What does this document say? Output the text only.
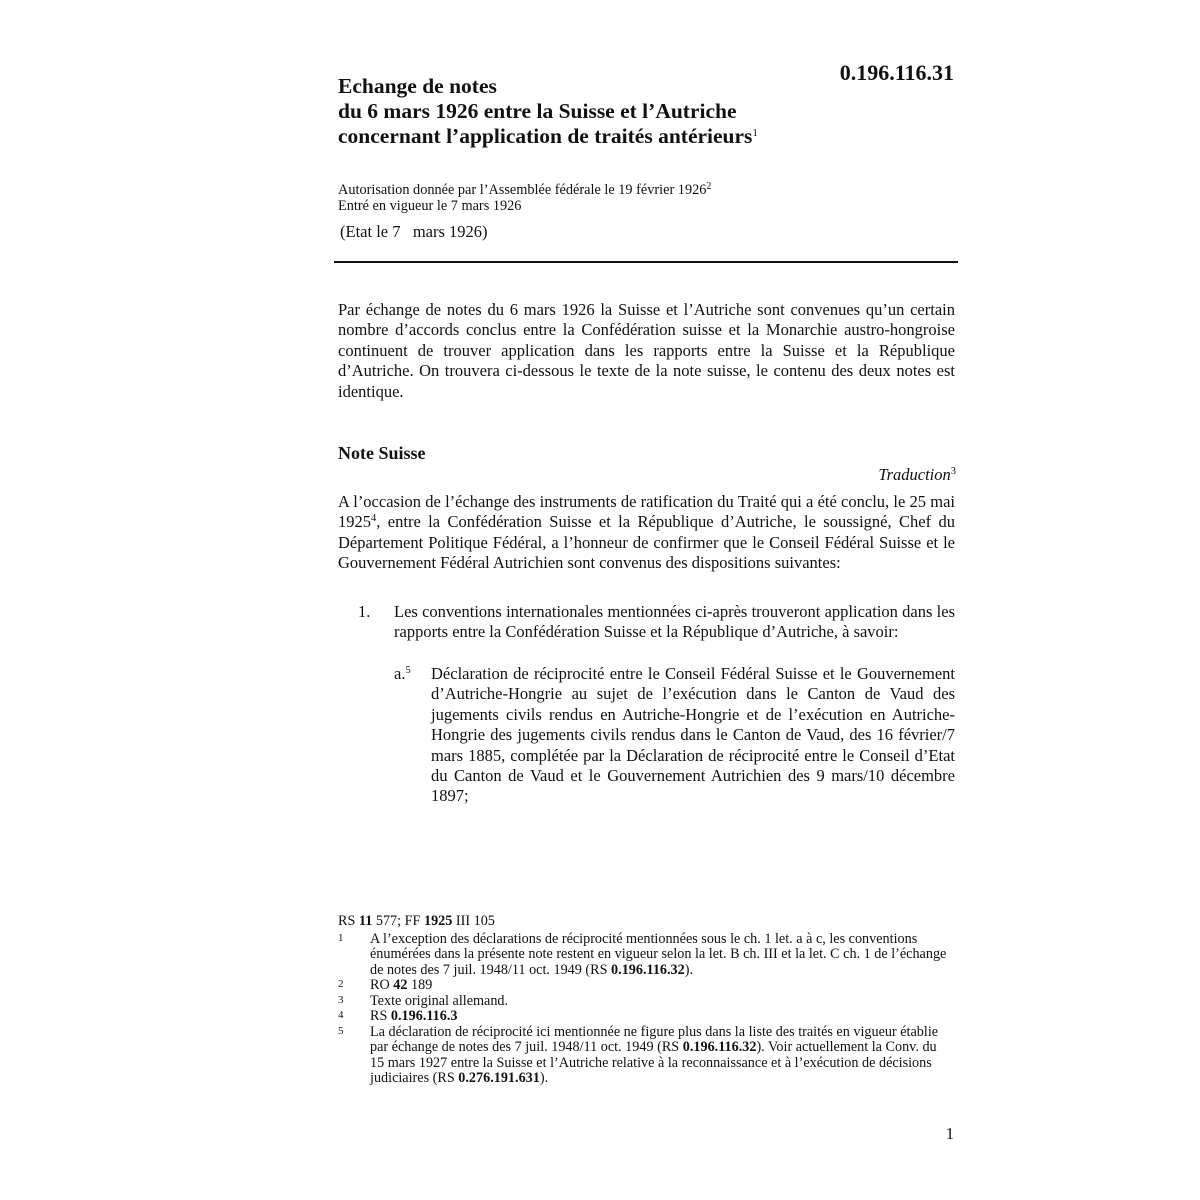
0.196.116.31
Echange de notes
du 6 mars 1926 entre la Suisse et l’Autriche
concernant l’application de traités antérieurs$^1$
Autorisation donnée par l’Assemblée fédérale le 19 février 1926$^2$
Entré en vigueur le 7 mars 1926
(Etat le 7   mars 1926)
Par échange de notes du 6 mars 1926 la Suisse et l’Autriche sont convenues qu’un certain nombre d’accords conclus entre la Confédération suisse et la Monarchie austro-hongroise continuent de trouver application dans les rapports entre la Suisse et la République d’Autriche. On trouvera ci-dessous le texte de la note suisse, le contenu des deux notes est identique.
Note Suisse
Traduction$^3$
A l’occasion de l’échange des instruments de ratification du Traité qui a été conclu, le 25 mai 1925$^4$, entre la Confédération Suisse et la République d’Autriche, le soussigné, Chef du Département Politique Fédéral, a l’honneur de confirmer que le Conseil Fédéral Suisse et le Gouvernement Fédéral Autrichien sont convenus des dispositions suivantes:
1. Les conventions internationales mentionnées ci-après trouveront application dans les rapports entre la Confédération Suisse et la République d’Autriche, à savoir:
a.$^5$ Déclaration de réciprocité entre le Conseil Fédéral Suisse et le Gouvernement d’Autriche-Hongrie au sujet de l’exécution dans le Canton de Vaud des jugements civils rendus en Autriche-Hongrie et de l’exécution en Autriche-Hongrie des jugements civils rendus dans le Canton de Vaud, des 16 février/7 mars 1885, complétée par la Déclaration de réciprocité entre le Conseil d’Etat du Canton de Vaud et le Gouvernement Autrichien des 9 mars/10 décembre 1897;
RS 11 577; FF 1925 III 105
1 A l’exception des déclarations de réciprocité mentionnées sous le ch. 1 let. a à c, les conventions énumérées dans la présente note restent en vigueur selon la let. B ch. III et la let. C ch. 1 de l’échange de notes des 7 juil. 1948/11 oct. 1949 (RS 0.196.116.32).
2 RO 42 189
3 Texte original allemand.
4 RS 0.196.116.3
5 La déclaration de réciprocité ici mentionnée ne figure plus dans la liste des traités en vigueur établie par échange de notes des 7 juil. 1948/11 oct. 1949 (RS 0.196.116.32). Voir actuellement la Conv. du 15 mars 1927 entre la Suisse et l’Autriche relative à la reconnaissance et à l’exécution de décisions judiciaires (RS 0.276.191.631).
1
